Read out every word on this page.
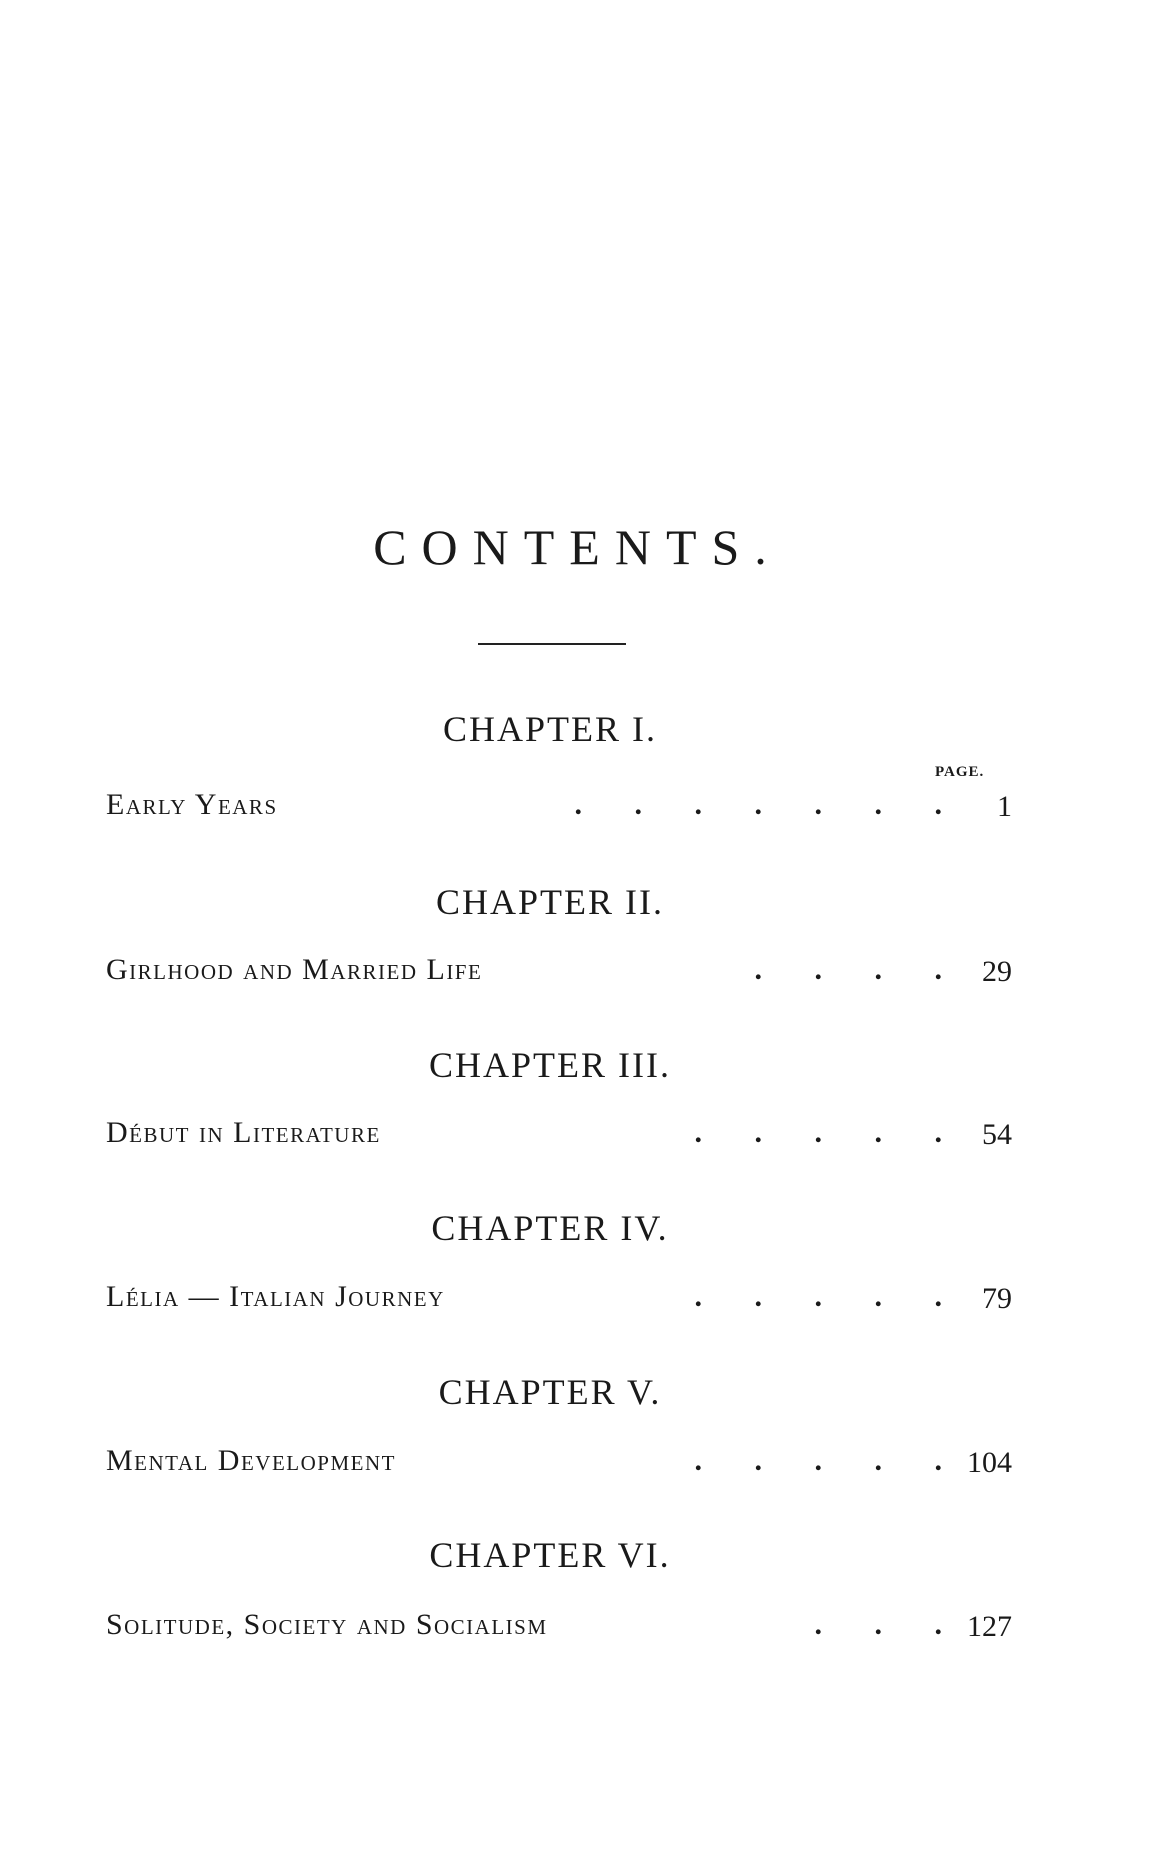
CONTENTS.
PAGE.
CHAPTER I.
Early Years	.       .       .       .       .       .       .	1
CHAPTER II.
Girlhood and Married Life	.       .       .       .	29
CHAPTER III.
Début in Literature	.       .       .       .       .	54
CHAPTER IV.
Lélia — Italian Journey	.       .       .       .       .	79
CHAPTER V.
Mental Development	.       .       .       .       . 104
CHAPTER VI.
Solitude, Society and Socialism	.       .       . 127
